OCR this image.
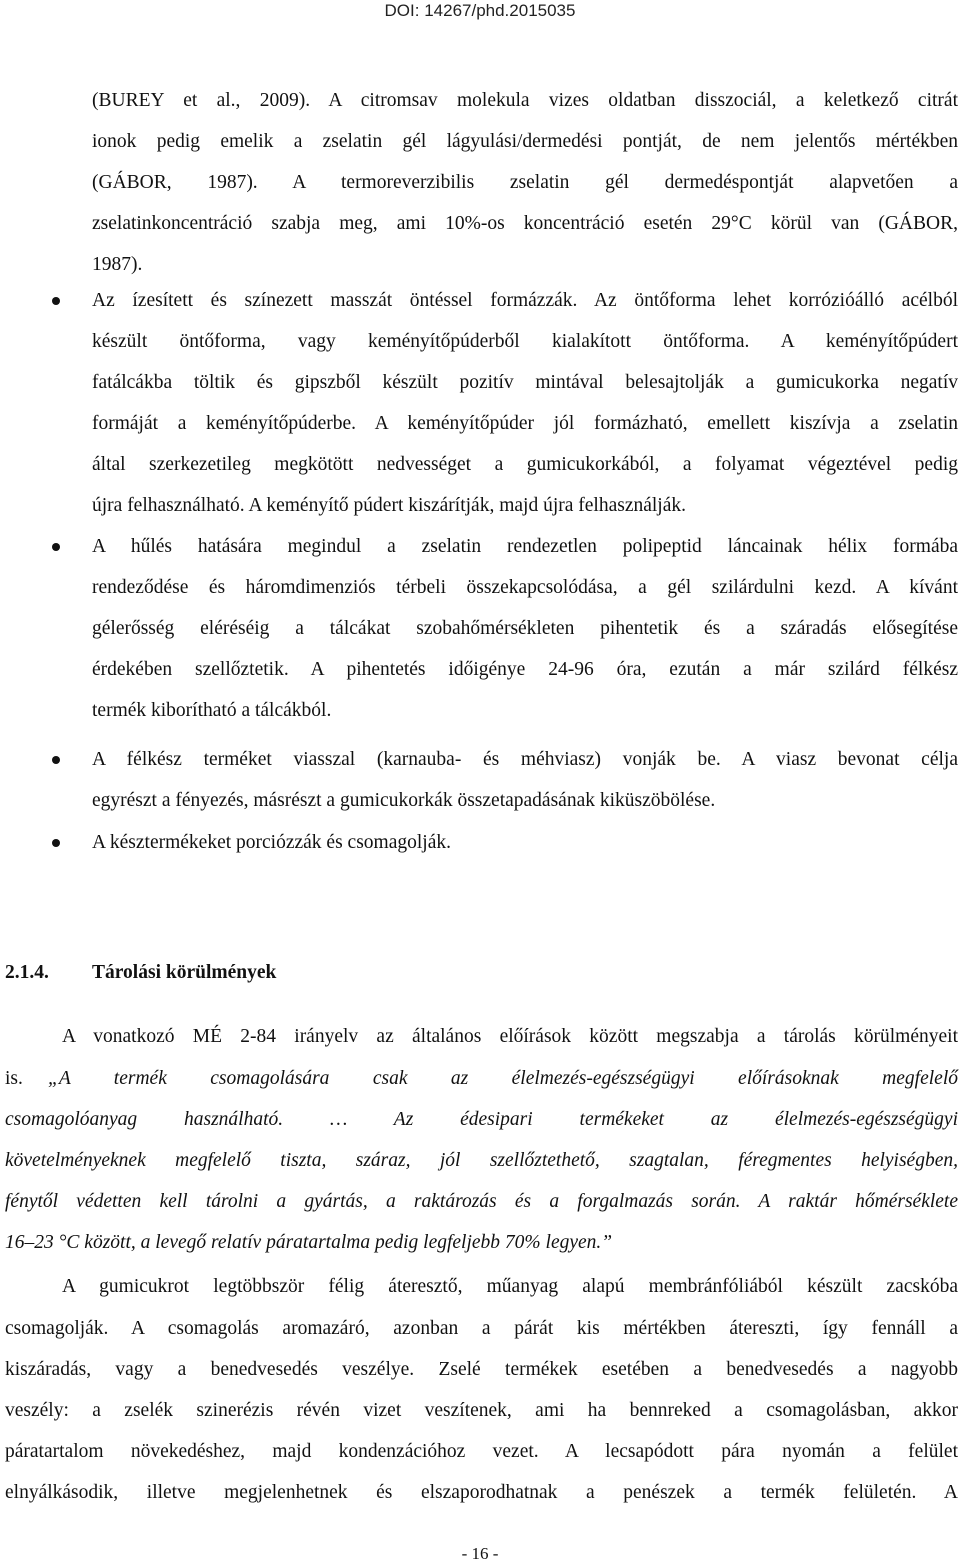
DOI: 14267/phd.2015035
(BUREY et al., 2009). A citromsav molekula vizes oldatban disszociál, a keletkező citrát
ionok pedig emelik a zselatin gél lágyulási/dermedési pontját, de nem jelentős mértékben
(GÁBOR, 1987). A termoreverzibilis zselatin gél dermedéspontját alapvetően a
zselatinkoncentráció szabja meg, ami 10%-os koncentráció esetén 29°C körül van (GÁBOR,
1987).
Az ízesített és színezett masszát öntéssel formázzák. Az öntőforma lehet korrózióálló acélból
készült öntőforma, vagy keményítőpúderből kialakított öntőforma. A keményítőpúdert
fatálcákba töltik és gipszből készült pozitív mintával belesajtolják a gumicukorka negatív
formáját a keményítőpúderbe. A keményítőpúder jól formázható, emellett kiszívja a zselatin
által szerkezetileg megkötött nedvességet a gumicukorkából, a folyamat végeztével pedig
újra felhasználható. A keményítő púdert kiszárítják, majd újra felhasználják.
A hűlés hatására megindul a zselatin rendezetlen polipeptid láncainak hélix formába
rendeződése és háromdimenziós térbeli összekapcsolódása, a gél szilárdulni kezd. A kívánt
gélerősség eléréséig a tálcákat szobahőmérsékleten pihentetik és a száradás elősegítése
érdekében szellőztetik. A pihentetés időigénye 24-96 óra, ezután a már szilárd félkész
termék kiborítható a tálcákból.
A félkész terméket viasszal (karnauba- és méhviasz) vonják be. A viasz bevonat célja
egyrészt a fényezés, másrészt a gumicukorkák összetapadásának kiküszöbölése.
A késztermékeket porciózzák és csomagolják.
2.1.4. Tárolási körülmények
A vonatkozó MÉ 2-84 irányelv az általános előírások között megszabja a tárolás körülményeit
is. „A termék csomagolására csak az élelmezés-egészségügyi előírásoknak megfelelő
csomagolóanyag használható. … Az édesipari termékeket az élelmezés-egészségügyi
követelményeknek megfelelő tiszta, száraz, jól szellőztethető, szagtalan, féregmentes helyiségben,
fénytől védetten kell tárolni a gyártás, a raktározás és a forgalmazás során. A raktár hőmérséklete
16–23 °C között, a levegő relatív páratartalma pedig legfeljebb 70% legyen.”
A gumicukrot legtöbbször félig áteresztő, műanyag alapú membránfóliából készült zacskóba
csomagolják. A csomagolás aromazáró, azonban a párát kis mértékben átereszti, így fennáll a
kiszáradás, vagy a benedvesedés veszélye. Zselé termékek esetében a benedvesedés a nagyobb
veszély: a zselék szinerézis révén vizet veszítenek, ami ha bennreked a csomagolásban, akkor
páratartalom növekedéshez, majd kondenzációhoz vezet. A lecsapódott pára nyomán a felület
elnyálkásodik, illetve megjelenhetnek és elszaporodhatnak a penészek a termék felületén. A
- 16 -
